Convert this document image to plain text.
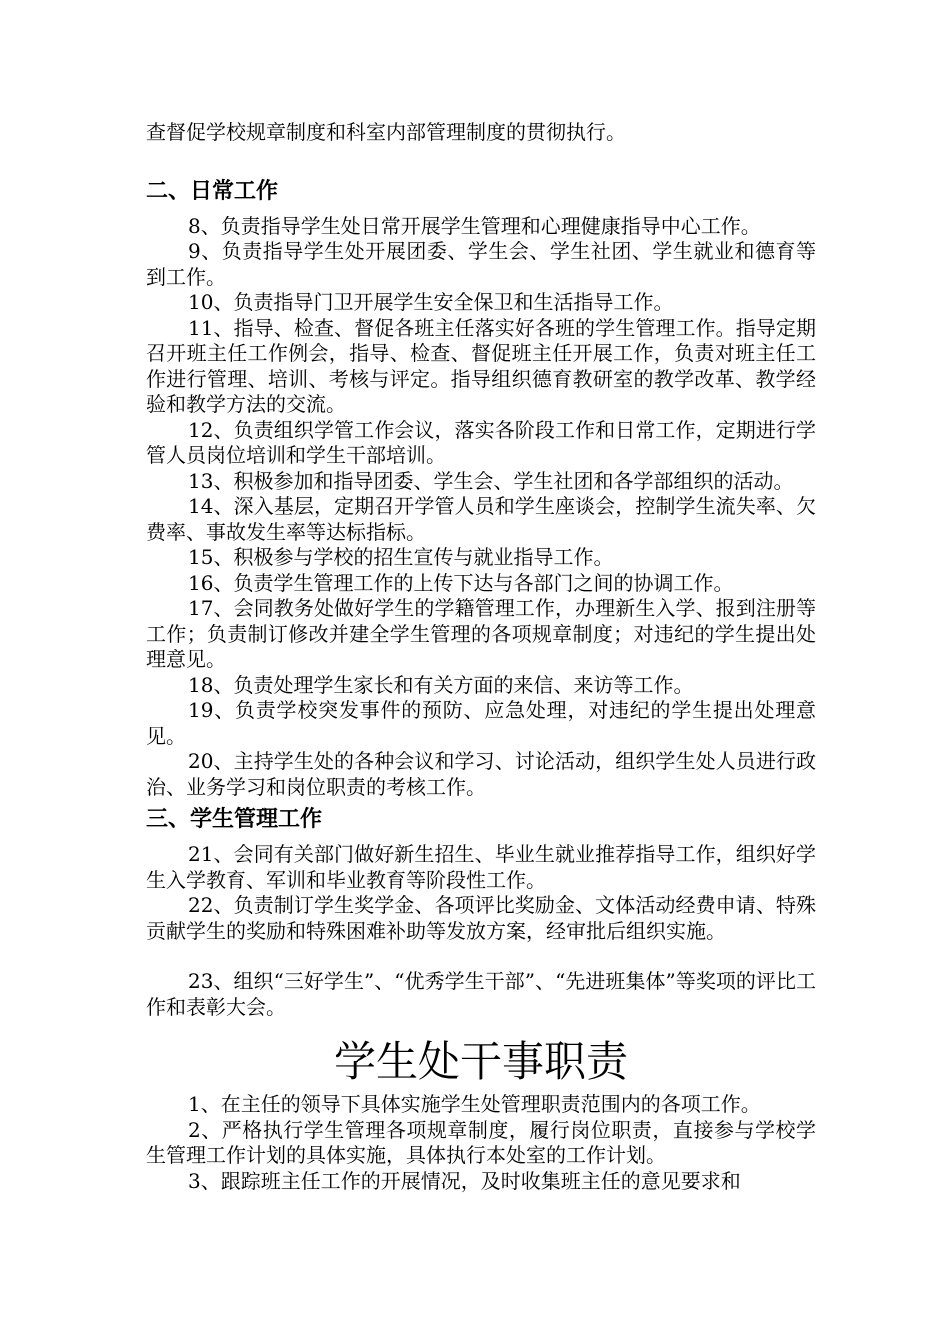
查督促学校规章制度和科室内部管理制度的贯彻执行。

二、日常工作

8、负责指导学生处日常开展学生管理和心理健康指导中心工作。

9、负责指导学生处开展团委、学生会、学生社团、学生就业和德育等到工作。

10、负责指导门卫开展学生安全保卫和生活指导工作。

11、指导、检查、督促各班主任落实好各班的学生管理工作。指导定期召开班主任工作例会，指导、检查、督促班主任开展工作，负责对班主任工作进行管理、培训、考核与评定。指导组织德育教研室的教学改革、教学经验和教学方法的交流。

12、负责组织学管工作会议，落实各阶段工作和日常工作，定期进行学管人员岗位培训和学生干部培训。

13、积极参加和指导团委、学生会、学生社团和各学部组织的活动。

14、深入基层，定期召开学管人员和学生座谈会，控制学生流失率、欠费率、事故发生率等达标指标。

15、积极参与学校的招生宣传与就业指导工作。

16、负责学生管理工作的上传下达与各部门之间的协调工作。

17、会同教务处做好学生的学籍管理工作，办理新生入学、报到注册等工作；负责制订修改并建全学生管理的各项规章制度；对违纪的学生提出处理意见。

18、负责处理学生家长和有关方面的来信、来访等工作。

19、负责学校突发事件的预防、应急处理，对违纪的学生提出处理意见。

20、主持学生处的各种会议和学习、讨论活动，组织学生处人员进行政治、业务学习和岗位职责的考核工作。

三、学生管理工作

21、会同有关部门做好新生招生、毕业生就业推荐指导工作，组织好学生入学教育、军训和毕业教育等阶段性工作。

22、负责制订学生奖学金、各项评比奖励金、文体活动经费申请、特殊贡献学生的奖励和特殊困难补助等发放方案，经审批后组织实施。

23、组织“三好学生”、“优秀学生干部”、“先进班集体”等奖项的评比工作和表彰大会。

学生处干事职责

1、在主任的领导下具体实施学生处管理职责范围内的各项工作。

2、严格执行学生管理各项规章制度，履行岗位职责，直接参与学校学生管理工作计划的具体实施，具体执行本处室的工作计划。

3、跟踪班主任工作的开展情况，及时收集班主任的意见要求和
